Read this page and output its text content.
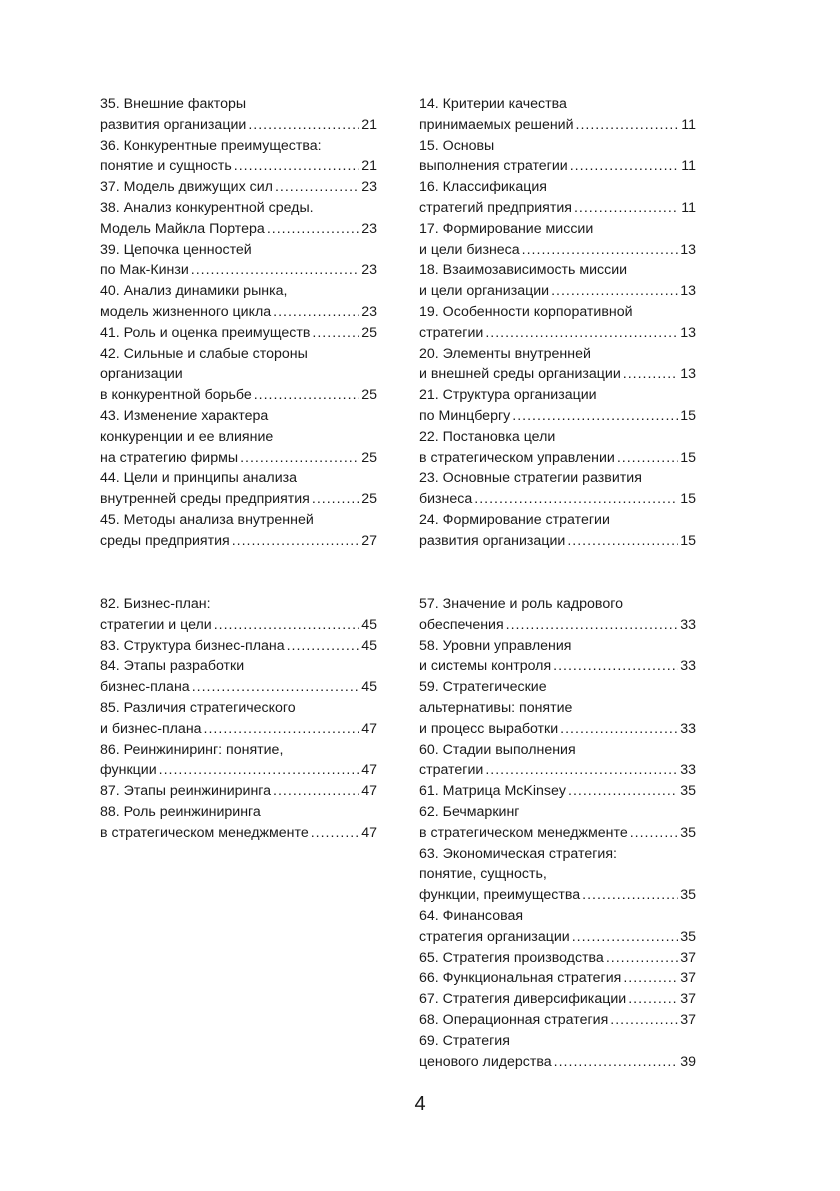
35. Внешние факторы
развития организации .....	21
36. Конкурентные преимущества:
понятие и сущность .....	21
37. Модель движущих сил .....	23
38. Анализ конкурентной среды.
Модель Майкла Портера .....	23
39. Цепочка ценностей
по Мак-Кинзи .....	23
40. Анализ динамики рынка,
модель жизненного цикла .....	23
41. Роль и оценка преимуществ .....	25
42. Сильные и слабые стороны
организации
в конкурентной борьбе .....	25
43. Изменение характера
конкуренции и ее влияние
на стратегию фирмы .....	25
44. Цели и принципы анализа
внутренней среды предприятия .....	25
45. Методы анализа внутренней
среды предприятия .....	27
14. Критерии качества
принимаемых решений .....	11
15. Основы
выполнения стратегии .....	11
16. Классификация
стратегий предприятия .....	11
17. Формирование миссии
и цели бизнеса .....	13
18. Взаимозависимость миссии
и цели организации .....	13
19. Особенности корпоративной
стратегии .....	13
20. Элементы внутренней
и внешней среды организации .....	13
21. Структура организации
по Минцбергу .....	15
22. Постановка цели
в стратегическом управлении .....	15
23. Основные стратегии развития
бизнеса .....	15
24. Формирование стратегии
развития организации .....	15
82. Бизнес-план:
стратегии и цели .....	45
83. Структура бизнес-плана .....	45
84. Этапы разработки
бизнес-плана .....	45
85. Различия стратегического
и бизнес-плана .....	47
86. Реинжиниринг: понятие,
функции .....	47
87. Этапы реинжиниринга .....	47
88. Роль реинжиниринга
в стратегическом менеджменте .....	47
57. Значение и роль кадрового
обеспечения .....	33
58. Уровни управления
и системы контроля .....	33
59. Стратегические
альтернативы: понятие
и процесс выработки .....	33
60. Стадии выполнения
стратегии .....	33
61. Матрица McKinsey .....	35
62. Бечмаркинг
в стратегическом менеджменте .....	35
63. Экономическая стратегия:
понятие, сущность,
функции, преимущества .....	35
64. Финансовая
стратегия организации .....	35
65. Стратегия производства .....	37
66. Функциональная стратегия .....	37
67. Стратегия диверсификации .....	37
68. Операционная стратегия .....	37
69. Стратегия
ценового лидерства .....	39
4
